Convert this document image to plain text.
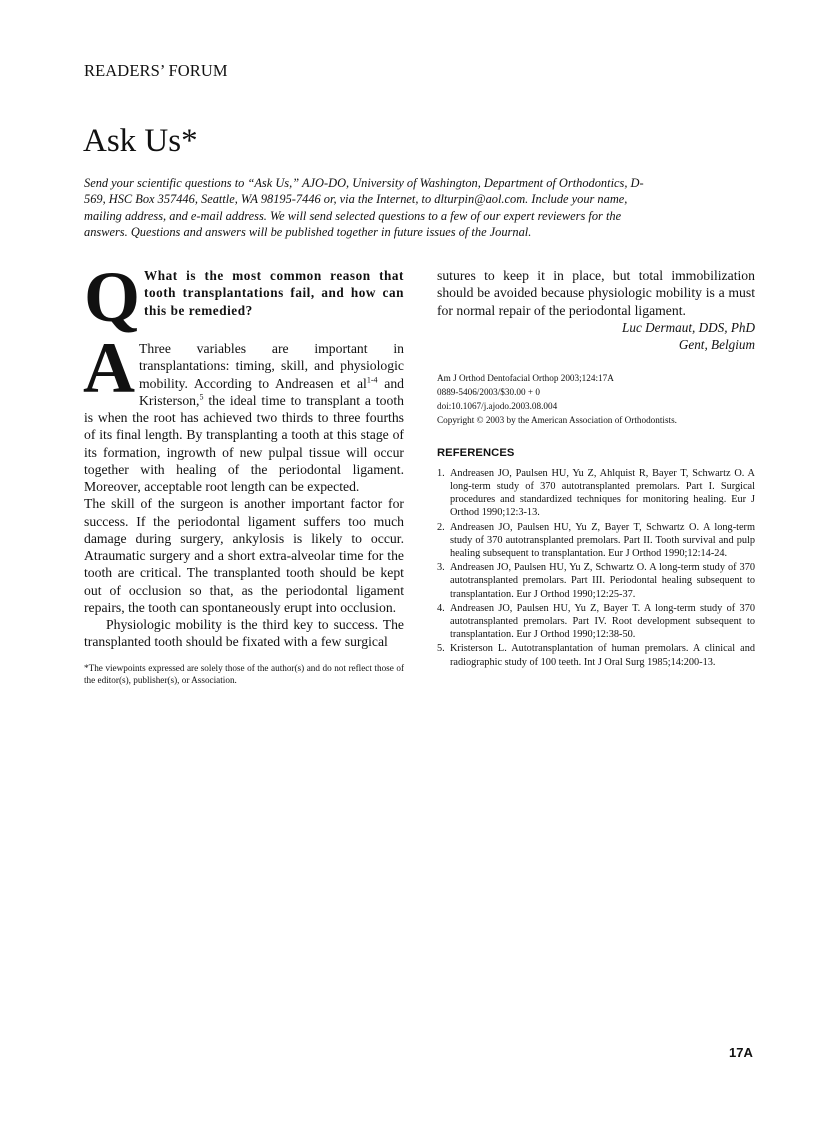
READERS’ FORUM
Ask Us*

Send your scientific questions to “Ask Us,” AJO-DO, University of Washington, Department of Orthodontics, D-569, HSC Box 357446, Seattle, WA 98195-7446 or, via the Internet, to dlturpin@aol.com. Include your name, mailing address, and e-mail address. We will send selected questions to a few of our expert reviewers for the answers. Questions and answers will be published together in future issues of the Journal.

Q What is the most common reason that tooth transplantations fail, and how can this be remedied?
A Three variables are important in transplantations: timing, skill, and physiologic mobility. According to Andreasen et $al^{1-4}$ and Kristerson,$^5$ the ideal time to transplant a tooth is when the root has achieved two thirds to three fourths of its final length. By transplanting a tooth at this stage of its formation, ingrowth of new pulpal tissue will occur together with healing of the periodontal ligament. Moreover, acceptable root length can be expected.

The skill of the surgeon is another important factor for success. If the periodontal ligament suffers too much damage during surgery, ankylosis is likely to occur. Atraumatic surgery and a short extra-alveolar time for the tooth are critical. The transplanted tooth should be kept out of occlusion so that, as the periodontal ligament repairs, the tooth can spontaneously erupt into occlusion.

Physiologic mobility is the third key to success. The transplanted tooth should be fixated with a few surgical

*The viewpoints expressed are solely those of the author(s) and do not reflect those of the editor(s), publisher(s), or Association.

sutures to keep it in place, but total immobilization should be avoided because physiologic mobility is a must for normal repair of the periodontal ligament.

Luc Dermaut, DDS, PhD
Gent, Belgium
Am J Orthod Dentofacial Orthop 2003;124:17A
0889-5406/2003/$30.00 + 0
doi:10.1067/j.ajodo.2003.08.004
Copyright © 2003 by the American Association of Orthodontists.
REFERENCES
1. Andreasen JO, Paulsen HU, Yu Z, Ahlquist R, Bayer T, Schwartz O. A long-term study of 370 autotransplanted premolars. Part I. Surgical procedures and standardized techniques for monitoring healing. Eur J Orthod 1990;12:3-13.
2. Andreasen JO, Paulsen HU, Yu Z, Bayer T, Schwartz O. A long-term study of 370 autotransplanted premolars. Part II. Tooth survival and pulp healing subsequent to transplantation. Eur J Orthod 1990;12:14-24.
3. Andreasen JO, Paulsen HU, Yu Z, Schwartz O. A long-term study of 370 autotransplanted premolars. Part III. Periodontal healing subsequent to transplantation. Eur J Orthod 1990;12:25-37.
4. Andreasen JO, Paulsen HU, Yu Z, Bayer T. A long-term study of 370 autotransplanted premolars. Part IV. Root development subsequent to transplantation. Eur J Orthod 1990;12:38-50.
5. Kristerson L. Autotransplantation of human premolars. A clinical and radiographic study of 100 teeth. Int J Oral Surg 1985;14:200-13.
17A
